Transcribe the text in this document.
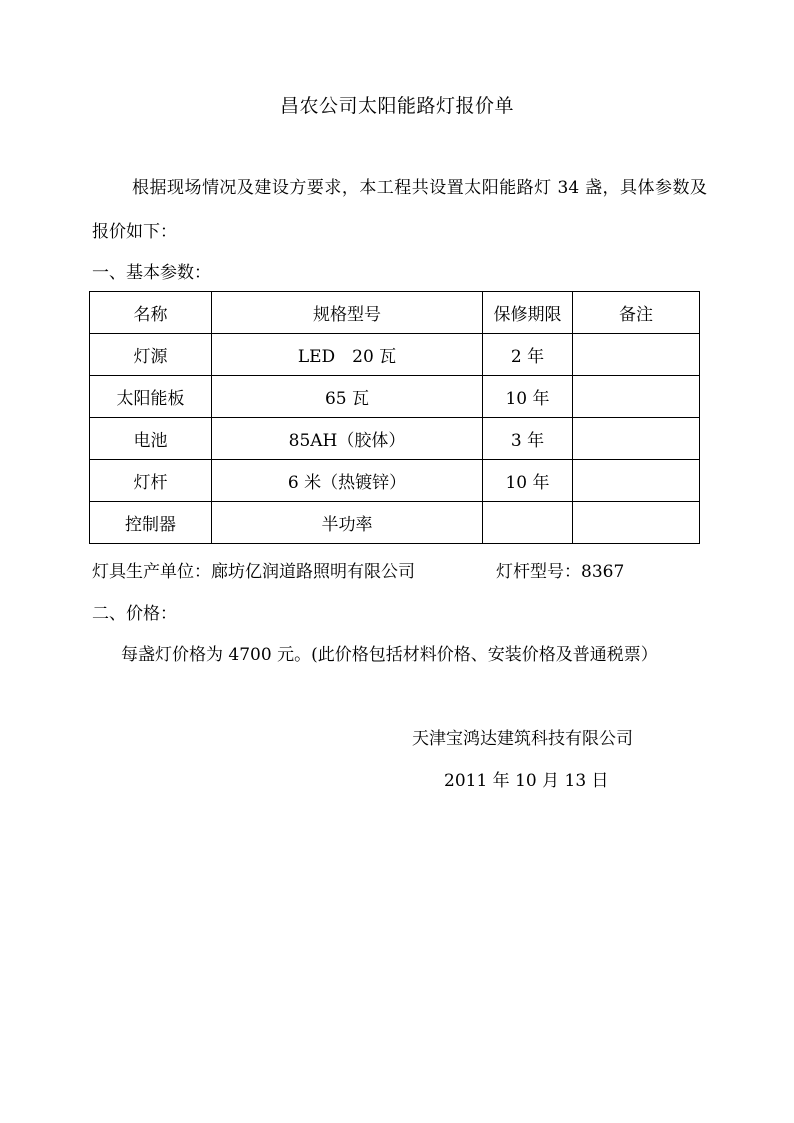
昌农公司太阳能路灯报价单
根据现场情况及建设方要求，本工程共设置太阳能路灯 34 盏，具体参数及报价如下：
一、基本参数：
名称	规格型号	保修期限	备注
灯源	LED　20 瓦	2 年	
太阳能板	65 瓦	10 年	
电池	85AH（胶体）	3 年	
灯杆	6 米（热镀锌）	10 年	
控制器	半功率		
灯具生产单位：廊坊亿润道路照明有限公司	灯杆型号：8367
二、价格：
每盏灯价格为 4700 元。(此价格包括材料价格、安装价格及普通税票）
天津宝鸿达建筑科技有限公司
2011 年 10 月 13 日
